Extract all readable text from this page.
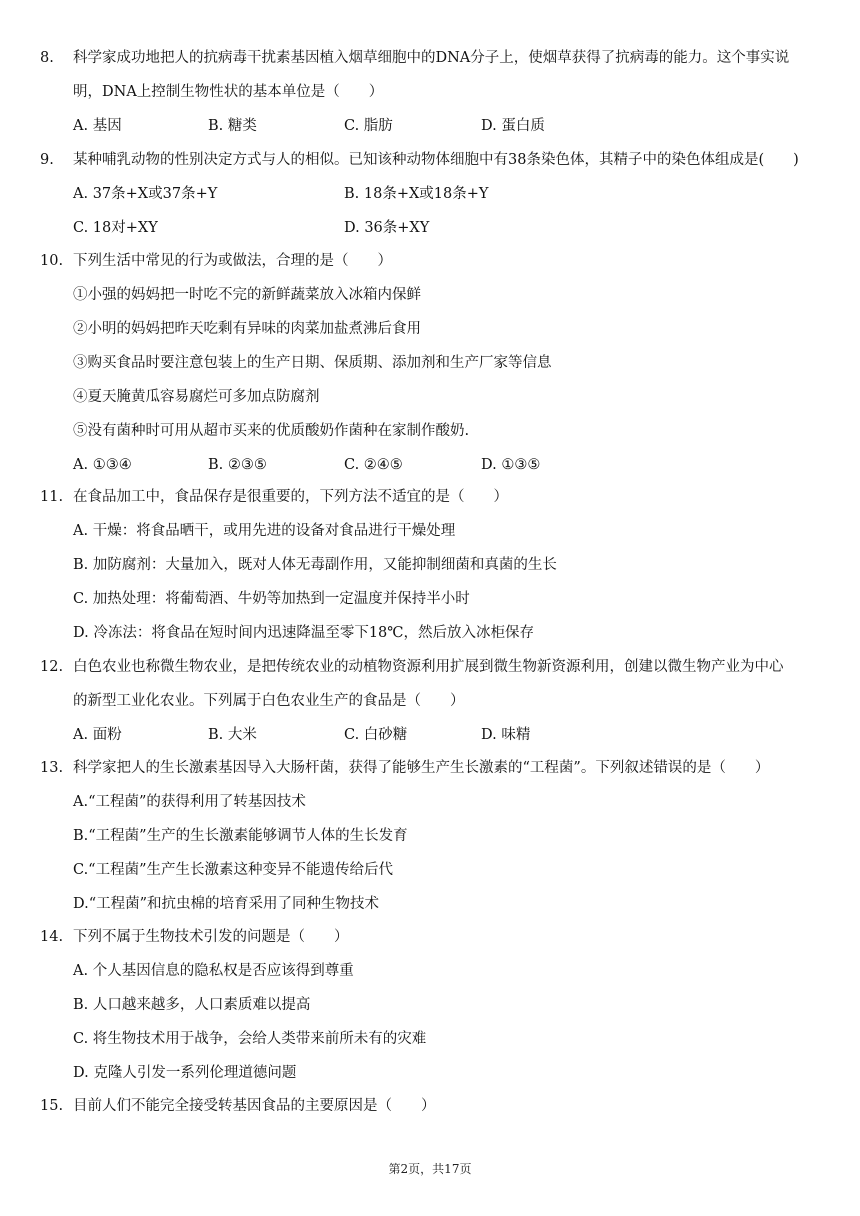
8.	科学家成功地把人的抗病毒干扰素基因植入烟草细胞中的DNA分子上，使烟草获得了抗病毒的能力。这个事实说
明，DNA上控制生物性状的基本单位是（　　）
A. 基因	B. 糖类	C. 脂肪	D. 蛋白质
9.	某种哺乳动物的性别决定方式与人的相似。已知该种动物体细胞中有38条染色体，其精子中的染色体组成是(　　)
A. 37条+X或37条+Y	B. 18条+X或18条+Y
C. 18对+XY	D. 36条+XY
10. 下列生活中常见的行为或做法，合理的是（　　）
①小强的妈妈把一时吃不完的新鲜蔬菜放入冰箱内保鲜
②小明的妈妈把昨天吃剩有异味的肉菜加盐煮沸后食用
③购买食品时要注意包装上的生产日期、保质期、添加剂和生产厂家等信息
④夏天腌黄瓜容易腐烂可多加点防腐剂
⑤没有菌种时可用从超市买来的优质酸奶作菌种在家制作酸奶.
A. ①③④	B. ②③⑤	C. ②④⑤	D. ①③⑤
11. 在食品加工中，食品保存是很重要的，下列方法不适宜的是（　　）
A. 干燥：将食品晒干，或用先进的设备对食品进行干燥处理
B. 加防腐剂：大量加入，既对人体无毒副作用，又能抑制细菌和真菌的生长
C. 加热处理：将葡萄酒、牛奶等加热到一定温度并保持半小时
D. 冷冻法：将食品在短时间内迅速降温至零下18℃，然后放入冰柜保存
12. 白色农业也称微生物农业，是把传统农业的动植物资源利用扩展到微生物新资源利用，创建以微生物产业为中心
的新型工业化农业。下列属于白色农业生产的食品是（　　）
A. 面粉	B. 大米	C. 白砂糖	D. 味精
13. 科学家把人的生长激素基因导入大肠杆菌，获得了能够生产生长激素的“工程菌”。下列叙述错误的是（　　）
A.“工程菌”的获得利用了转基因技术
B.“工程菌”生产的生长激素能够调节人体的生长发育
C.“工程菌”生产生长激素这种变异不能遗传给后代
D.“工程菌”和抗虫棉的培育采用了同种生物技术
14. 下列不属于生物技术引发的问题是（　　）
A. 个人基因信息的隐私权是否应该得到尊重
B. 人口越来越多，人口素质难以提高
C. 将生物技术用于战争，会给人类带来前所未有的灾难
D. 克隆人引发一系列伦理道德问题
15. 目前人们不能完全接受转基因食品的主要原因是（　　）
第2页，共17页
